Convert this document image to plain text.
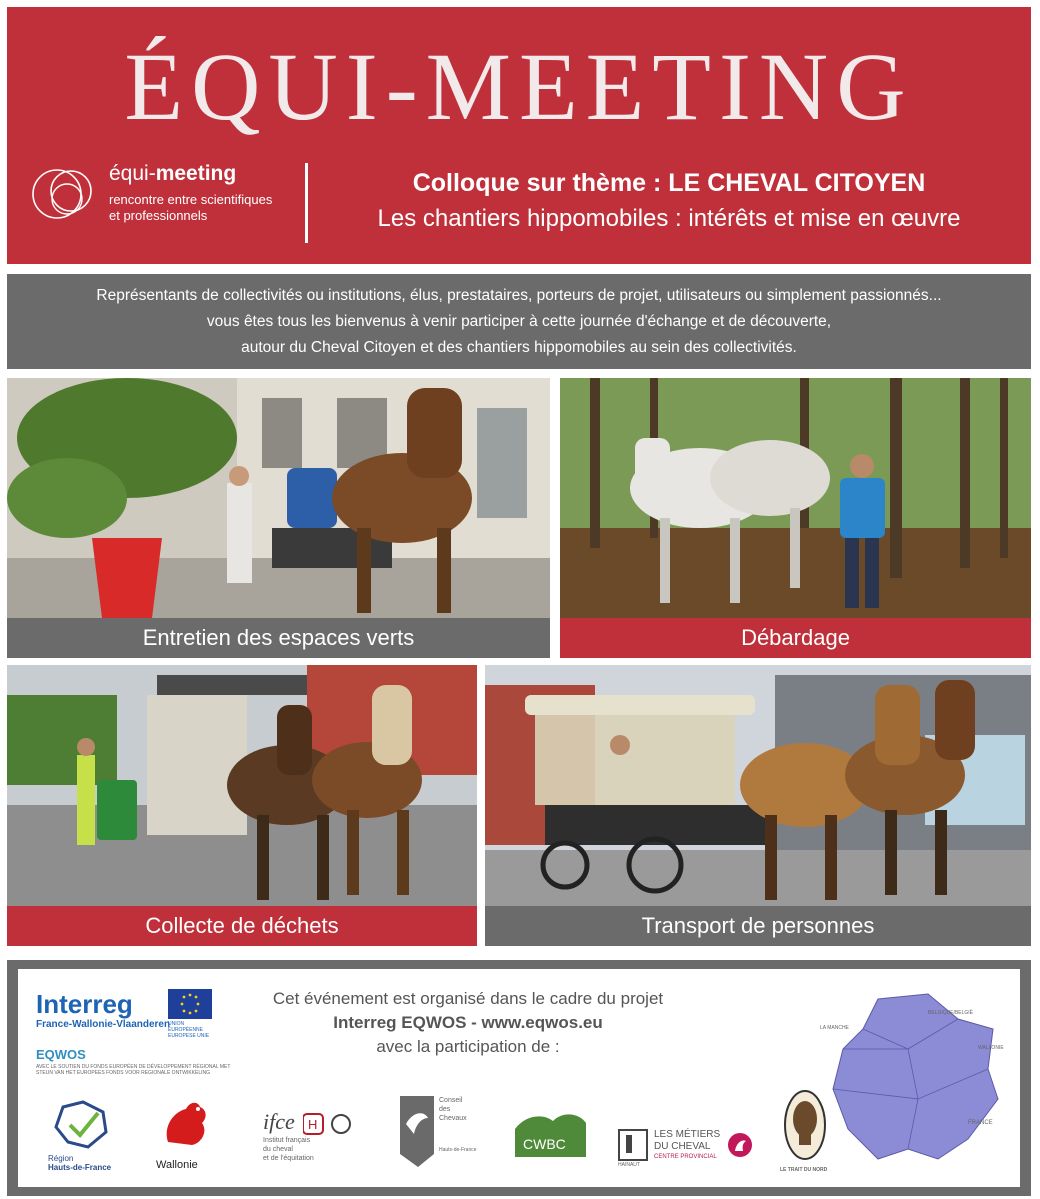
ÉQUI-MEETING
équi-meeting
rencontre entre scientifiques
et professionnels
Colloque sur thème : LE CHEVAL CITOYEN
Les chantiers hippomobiles : intérêts et mise en œuvre
Représentants de collectivités ou institutions, élus, prestataires, porteurs de projet, utilisateurs ou simplement passionnés...
vous êtes tous les bienvenus à venir participer à cette journée d'échange et de découverte,
autour du Cheval Citoyen et des chantiers hippomobiles au sein des collectivités.
Entretien des espaces verts	Débardage
Collecte de déchets	Transport de personnes
Interreg
France-Wallonie-Vlaanderen
UNION EUROPÉENNE EUROPESE UNIE
EQWOS
AVEC LE SOUTIEN DU FONDS EUROPÉEN DE DÉVELOPPEMENT RÉGIONAL MET STEUN VAN HET EUROPEES FONDS VOOR REGIONALE ONTWIKKELING
Cet événement est organisé dans le cadre du projet
Interreg EQWOS - www.eqwos.eu
avec la participation de :
LA MANCHE
BELGIQUE/BELGIË
WALLONIE
FRANCE
Région
Hauts-de-France	Wallonie
ifce H
Institut français
du cheval
et de l'équitation
Conseil
des
Chevaux
Hauts-de-France	CWBC
HAINAUT
LES MÉTIERS
DU CHEVAL
CENTRE PROVINCIAL
LE TRAIT DU NORD
